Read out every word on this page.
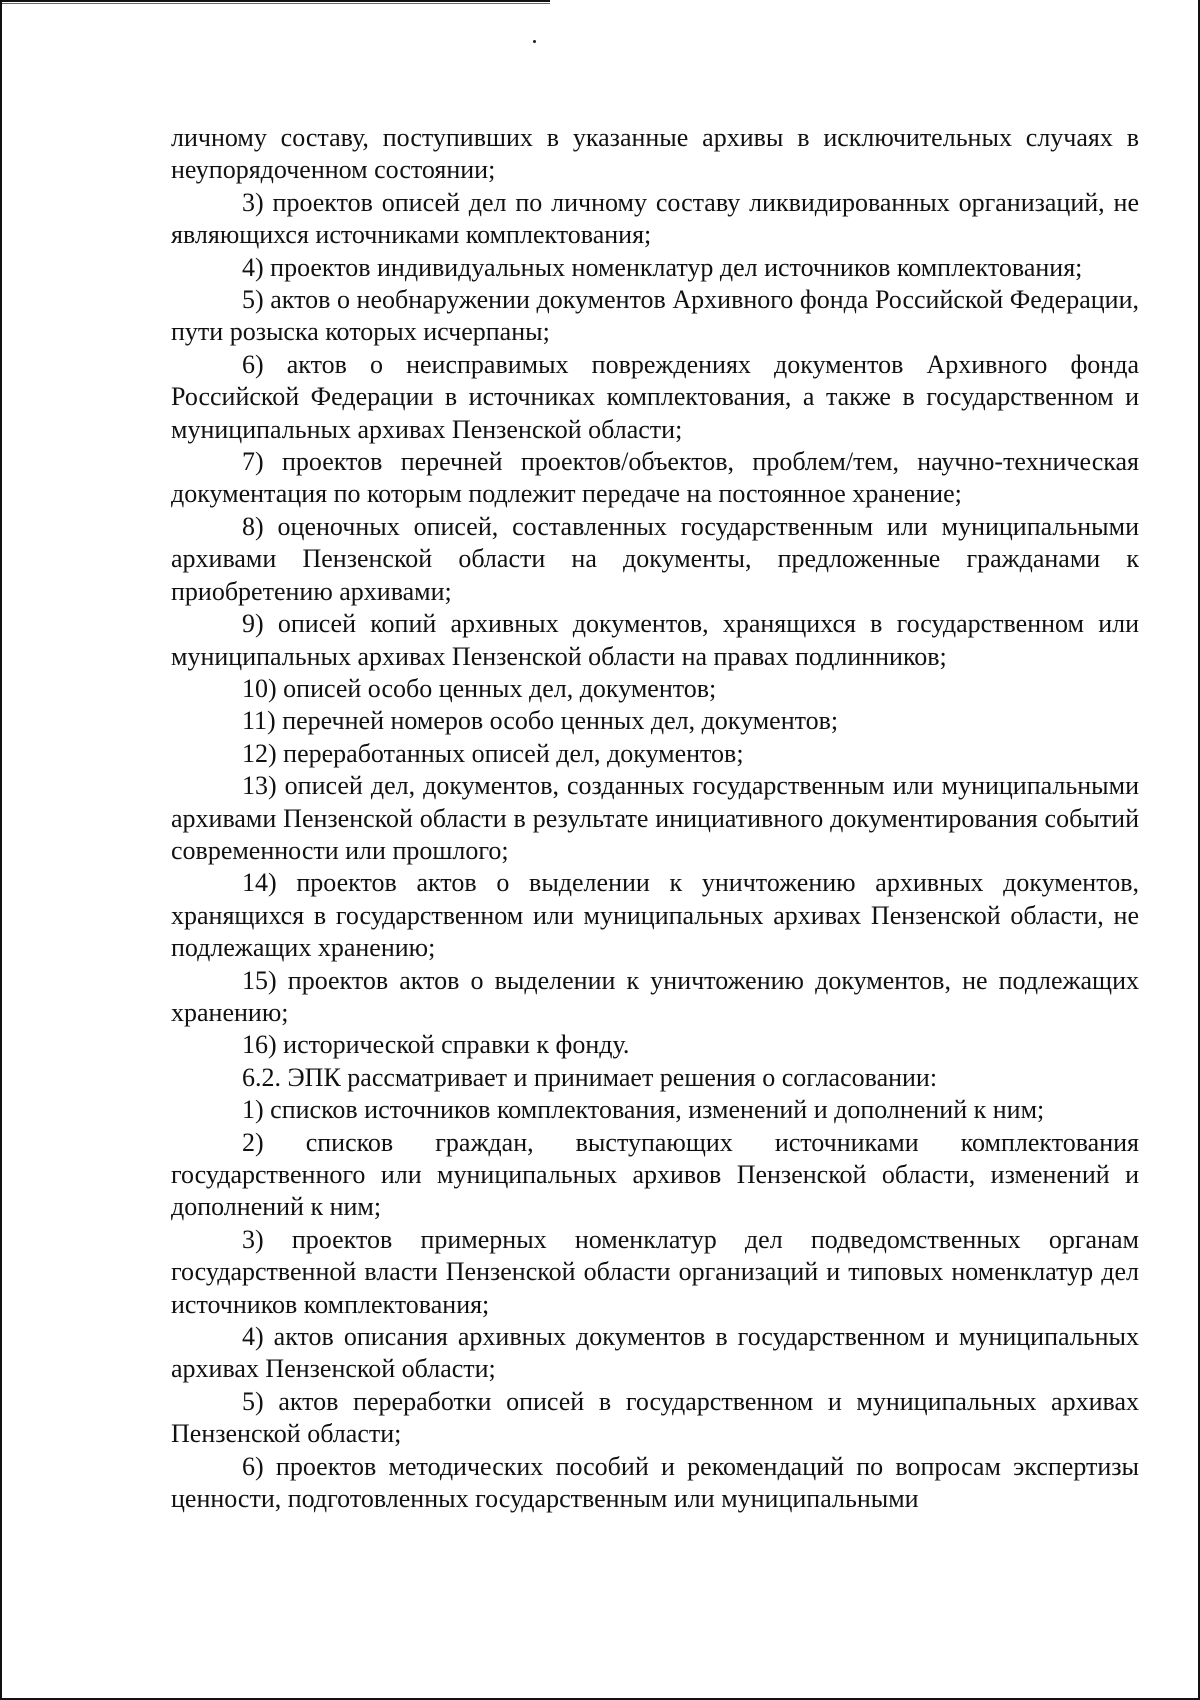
личному составу, поступивших в указанные архивы в исключительных случаях в неупорядоченном состоянии;

3) проектов описей дел по личному составу ликвидированных организаций, не являющихся источниками комплектования;

4) проектов индивидуальных номенклатур дел источников комплектования;

5) актов о необнаружении документов Архивного фонда Российской Федерации, пути розыска которых исчерпаны;

6) актов о неисправимых повреждениях документов Архивного фонда Российской Федерации в источниках комплектования, а также в государственном и муниципальных архивах Пензенской области;

7) проектов перечней проектов/объектов, проблем/тем, научно-техническая документация по которым подлежит передаче на постоянное хранение;

8) оценочных описей, составленных государственным или муниципальными архивами Пензенской области на документы, предложенные гражданами к приобретению архивами;

9) описей копий архивных документов, хранящихся в государственном или муниципальных архивах Пензенской области на правах подлинников;

10) описей особо ценных дел, документов;

11) перечней номеров особо ценных дел, документов;

12) переработанных описей дел, документов;

13) описей дел, документов, созданных государственным или муниципальными архивами Пензенской области в результате инициативного документирования событий современности или прошлого;

14) проектов актов о выделении к уничтожению архивных документов, хранящихся в государственном или муниципальных архивах Пензенской области, не подлежащих хранению;

15) проектов актов о выделении к уничтожению документов, не подлежащих хранению;

16) исторической справки к фонду.

6.2. ЭПК рассматривает и принимает решения о согласовании:

1) списков источников комплектования, изменений и дополнений к ним;

2) списков граждан, выступающих источниками комплектования государственного или муниципальных архивов Пензенской области, изменений и дополнений к ним;

3) проектов примерных номенклатур дел подведомственных органам государственной власти Пензенской области организаций и типовых номенклатур дел источников комплектования;

4) актов описания архивных документов в государственном и муниципальных архивах Пензенской области;

5) актов переработки описей в государственном и муниципальных архивах Пензенской области;

6) проектов методических пособий и рекомендаций по вопросам экспертизы ценности, подготовленных государственным или муниципальными
